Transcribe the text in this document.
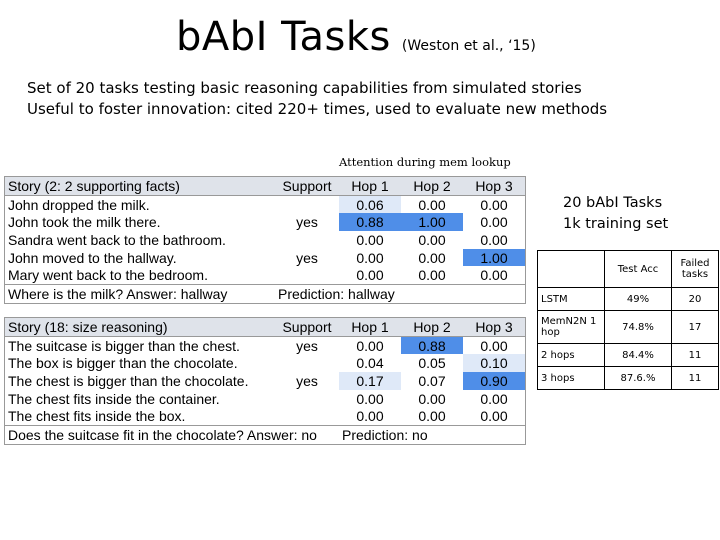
bAbI Tasks (Weston et al., ‘15)
Set of 20 tasks testing basic reasoning capabilities from simulated stories
Useful to foster innovation: cited 220+ times, used to evaluate new methods
Attention during mem lookup
Story (2: 2 supporting facts)	Support	Hop 1	Hop 2	Hop 3
John dropped the milk.		0.06	0.00	0.00
John took the milk there.	yes	0.88	1.00	0.00
Sandra went back to the bathroom.		0.00	0.00	0.00
John moved to the hallway.	yes	0.00	0.00	1.00
Mary went back to the bedroom.		0.00	0.00	0.00
Where is the milk? Answer: hallway	Prediction: hallway			
Story (18: size reasoning)	Support	Hop 1	Hop 2	Hop 3
The suitcase is bigger than the chest.	yes	0.00	0.88	0.00
The box is bigger than the chocolate.		0.04	0.05	0.10
The chest is bigger than the chocolate.	yes	0.17	0.07	0.90
The chest fits inside the container.		0.00	0.00	0.00
The chest fits inside the box.		0.00	0.00	0.00
Does the suitcase fit in the chocolate? Answer: no		Prediction: no		
20 bAbI Tasks
1k training set
	Test Acc	Failed tasks
LSTM	49%	20
MemN2N 1 hop	74.8%	17
2 hops	84.4%	11
3 hops	87.6.%	11
